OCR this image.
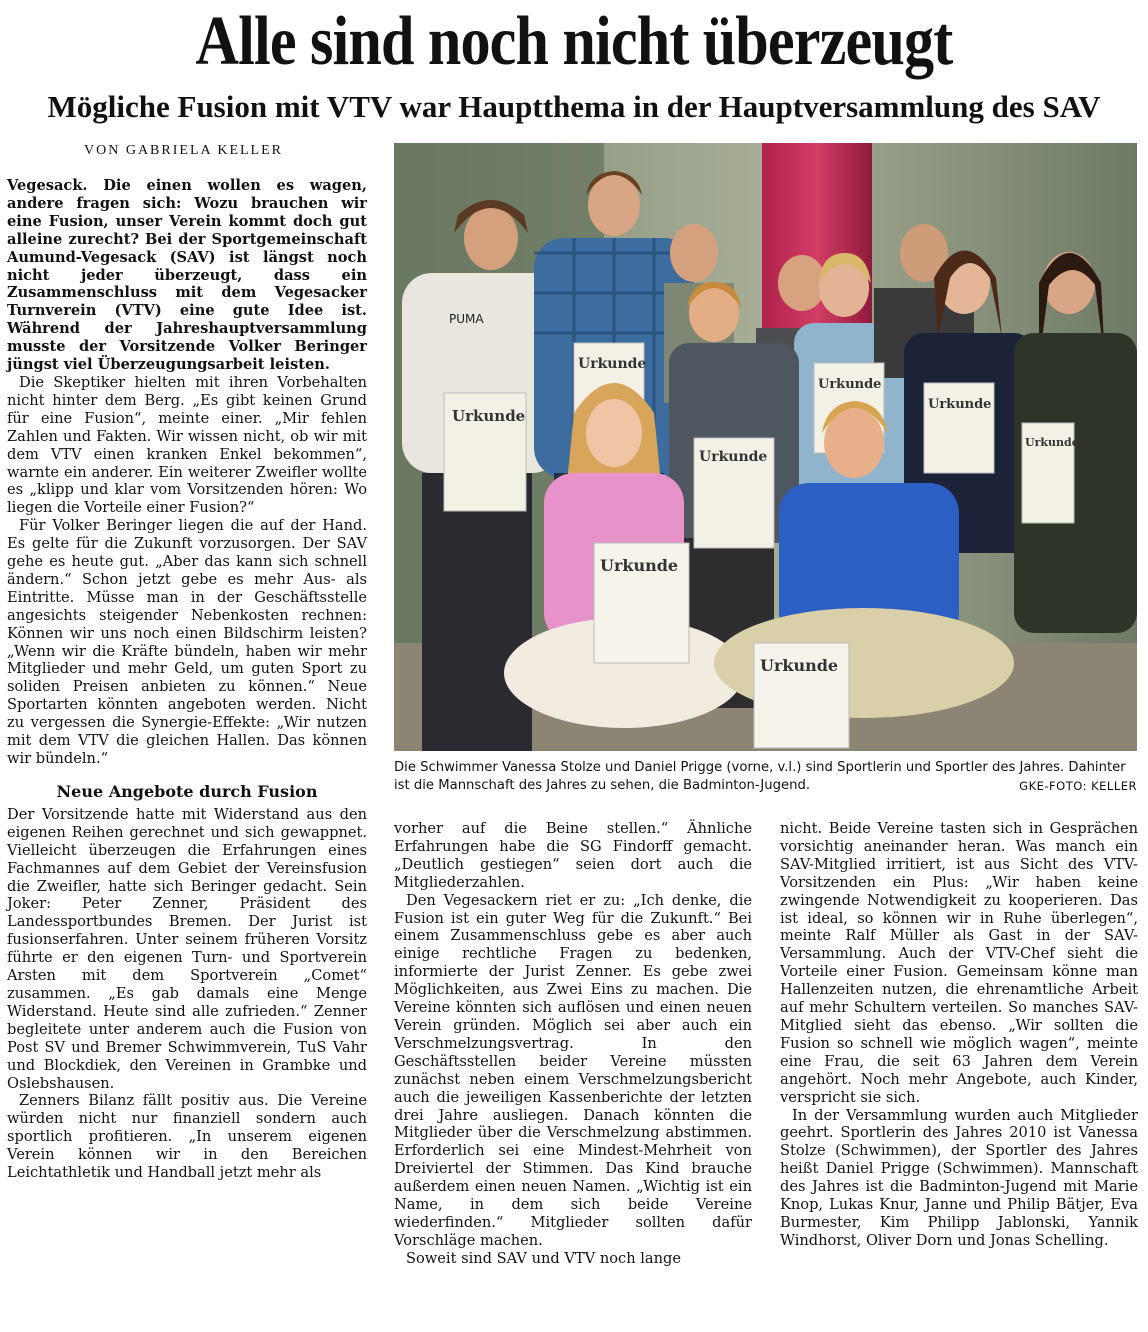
Alle sind noch nicht überzeugt
Mögliche Fusion mit VTV war Hauptthema in der Hauptversammlung des SAV
VON GABRIELA KELLER

Vegesack. Die einen wollen es wagen, andere fragen sich: Wozu brauchen wir eine Fusion, unser Verein kommt doch gut alleine zurecht? Bei der Sportgemeinschaft Aumund-Vegesack (SAV) ist längst noch nicht jeder überzeugt, dass ein Zusammenschluss mit dem Vegesacker Turnverein (VTV) eine gute Idee ist. Während der Jahreshauptversammlung musste der Vorsitzende Volker Beringer jüngst viel Überzeugungsarbeit leisten.

Die Skeptiker hielten mit ihren Vorbehalten nicht hinter dem Berg. „Es gibt keinen Grund für eine Fusion“, meinte einer. „Mir fehlen Zahlen und Fakten. Wir wissen nicht, ob wir mit dem VTV einen kranken Enkel bekommen“, warnte ein anderer. Ein weiterer Zweifler wollte es „klipp und klar vom Vorsitzenden hören: Wo liegen die Vorteile einer Fusion?“

Für Volker Beringer liegen die auf der Hand. Es gelte für die Zukunft vorzusorgen. Der SAV gehe es heute gut. „Aber das kann sich schnell ändern.“ Schon jetzt gebe es mehr Aus- als Eintritte. Müsse man in der Geschäftsstelle angesichts steigender Nebenkosten rechnen: Können wir uns noch einen Bildschirm leisten? „Wenn wir die Kräfte bündeln, haben wir mehr Mitglieder und mehr Geld, um guten Sport zu soliden Preisen anbieten zu können.“ Neue Sportarten könnten angeboten werden. Nicht zu vergessen die Synergie-Effekte: „Wir nutzen mit dem VTV die gleichen Hallen. Das können wir bündeln.“

Neue Angebote durch Fusion

Der Vorsitzende hatte mit Widerstand aus den eigenen Reihen gerechnet und sich gewappnet. Vielleicht überzeugen die Erfahrungen eines Fachmannes auf dem Gebiet der Vereinsfusion die Zweifler, hatte sich Beringer gedacht. Sein Joker: Peter Zenner, Präsident des Landessportbundes Bremen. Der Jurist ist fusionserfahren. Unter seinem früheren Vorsitz führte er den eigenen Turn- und Sportverein Arsten mit dem Sportverein „Comet“ zusammen. „Es gab damals eine Menge Widerstand. Heute sind alle zufrieden.“ Zenner begleitete unter anderem auch die Fusion von Post SV und Bremer Schwimmverein, TuS Vahr und Blockdiek, den Vereinen in Grambke und Oslebshausen.

Zenners Bilanz fällt positiv aus. Die Vereine würden nicht nur finanziell sondern auch sportlich profitieren. „In unserem eigenen Verein können wir in den Bereichen Leichtathletik und Handball jetzt mehr als

PUMA
Urkunde
Urkunde
Urkunde
Urkunde
Urkunde
Urkunde
Urkunde
Urkunde
Die Schwimmer Vanessa Stolze und Daniel Prigge (vorne, v.l.) sind Sportlerin und Sportler des Jahres. Dahinter ist die Mannschaft des Jahres zu sehen, die Badminton-Jugend.	GKE-FOTO: KELLER

vorher auf die Beine stellen.“ Ähnliche Erfahrungen habe die SG Findorff gemacht. „Deutlich gestiegen“ seien dort auch die Mitgliederzahlen.

Den Vegesackern riet er zu: „Ich denke, die Fusion ist ein guter Weg für die Zukunft.“ Bei einem Zusammenschluss gebe es aber auch einige rechtliche Fragen zu bedenken, informierte der Jurist Zenner. Es gebe zwei Möglichkeiten, aus Zwei Eins zu machen. Die Vereine könnten sich auflösen und einen neuen Verein gründen. Möglich sei aber auch ein Verschmelzungsvertrag. In den Geschäftsstellen beider Vereine müssten zunächst neben einem Verschmelzungsbericht auch die jeweiligen Kassenberichte der letzten drei Jahre ausliegen. Danach könnten die Mitglieder über die Verschmelzung abstimmen. Erforderlich sei eine Mindest-Mehrheit von Dreiviertel der Stimmen. Das Kind brauche außerdem einen neuen Namen. „Wichtig ist ein Name, in dem sich beide Vereine wiederfinden.“ Mitglieder sollten dafür Vorschläge machen.

Soweit sind SAV und VTV noch lange

nicht. Beide Vereine tasten sich in Gesprächen vorsichtig aneinander heran. Was manch ein SAV-Mitglied irritiert, ist aus Sicht des VTV-Vorsitzenden ein Plus: „Wir haben keine zwingende Notwendigkeit zu kooperieren. Das ist ideal, so können wir in Ruhe überlegen“, meinte Ralf Müller als Gast in der SAV-Versammlung. Auch der VTV-Chef sieht die Vorteile einer Fusion. Gemeinsam könne man Hallenzeiten nutzen, die ehrenamtliche Arbeit auf mehr Schultern verteilen. So manches SAV-Mitglied sieht das ebenso. „Wir sollten die Fusion so schnell wie möglich wagen“, meinte eine Frau, die seit 63 Jahren dem Verein angehört. Noch mehr Angebote, auch Kinder, verspricht sie sich.

In der Versammlung wurden auch Mitglieder geehrt. Sportlerin des Jahres 2010 ist Vanessa Stolze (Schwimmen), der Sportler des Jahres heißt Daniel Prigge (Schwimmen). Mannschaft des Jahres ist die Badminton-Jugend mit Marie Knop, Lukas Knur, Janne und Philip Bätjer, Eva Burmester, Kim Philipp Jablonski, Yannik Windhorst, Oliver Dorn und Jonas Schelling.
